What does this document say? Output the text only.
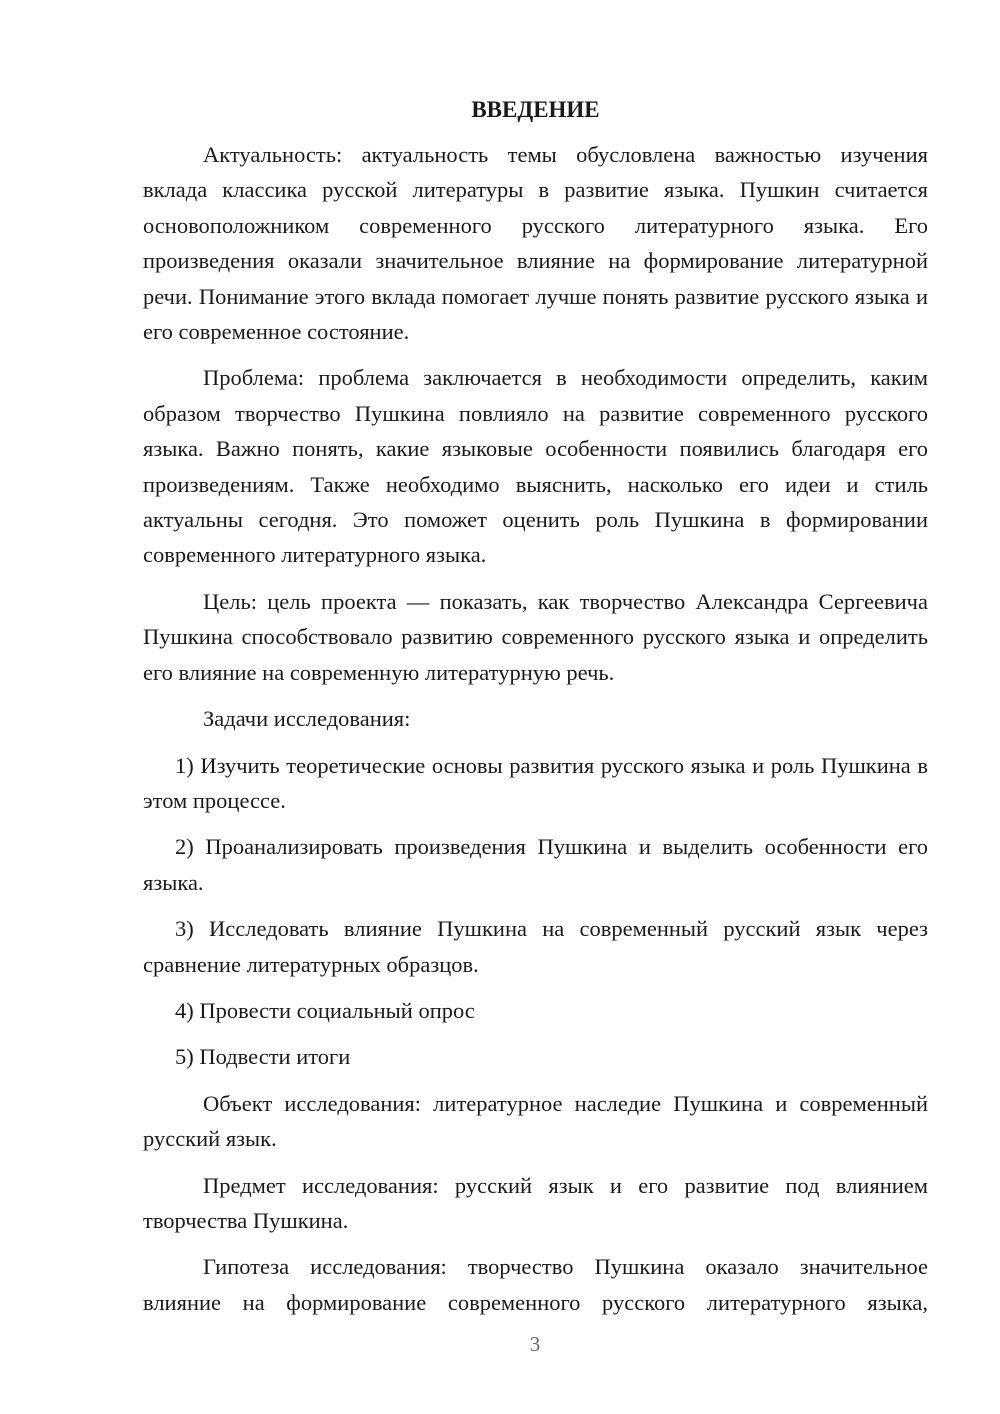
ВВЕДЕНИЕ

Актуальность: актуальность темы обусловлена важностью изучения вклада классика русской литературы в развитие языка. Пушкин считается основоположником современного русского литературного языка. Его произведения оказали значительное влияние на формирование литературной речи. Понимание этого вклада помогает лучше понять развитие русского языка и его современное состояние.

Проблема: проблема заключается в необходимости определить, каким образом творчество Пушкина повлияло на развитие современного русского языка. Важно понять, какие языковые особенности появились благодаря его произведениям. Также необходимо выяснить, насколько его идеи и стиль актуальны сегодня. Это поможет оценить роль Пушкина в формировании современного литературного языка.

Цель: цель проекта — показать, как творчество Александра Сергеевича Пушкина способствовало развитию современного русского языка и определить его влияние на современную литературную речь.

Задачи исследования:

1) Изучить теоретические основы развития русского языка и роль Пушкина в этом процессе.

2) Проанализировать произведения Пушкина и выделить особенности его языка.

3) Исследовать влияние Пушкина на современный русский язык через сравнение литературных образцов.

4) Провести социальный опрос

5) Подвести итоги

Объект исследования: литературное наследие Пушкина и современный русский язык.

Предмет исследования: русский язык и его развитие под влиянием творчества Пушкина.

Гипотеза исследования: творчество Пушкина оказало значительное влияние на формирование современного русского литературного языка,

3
